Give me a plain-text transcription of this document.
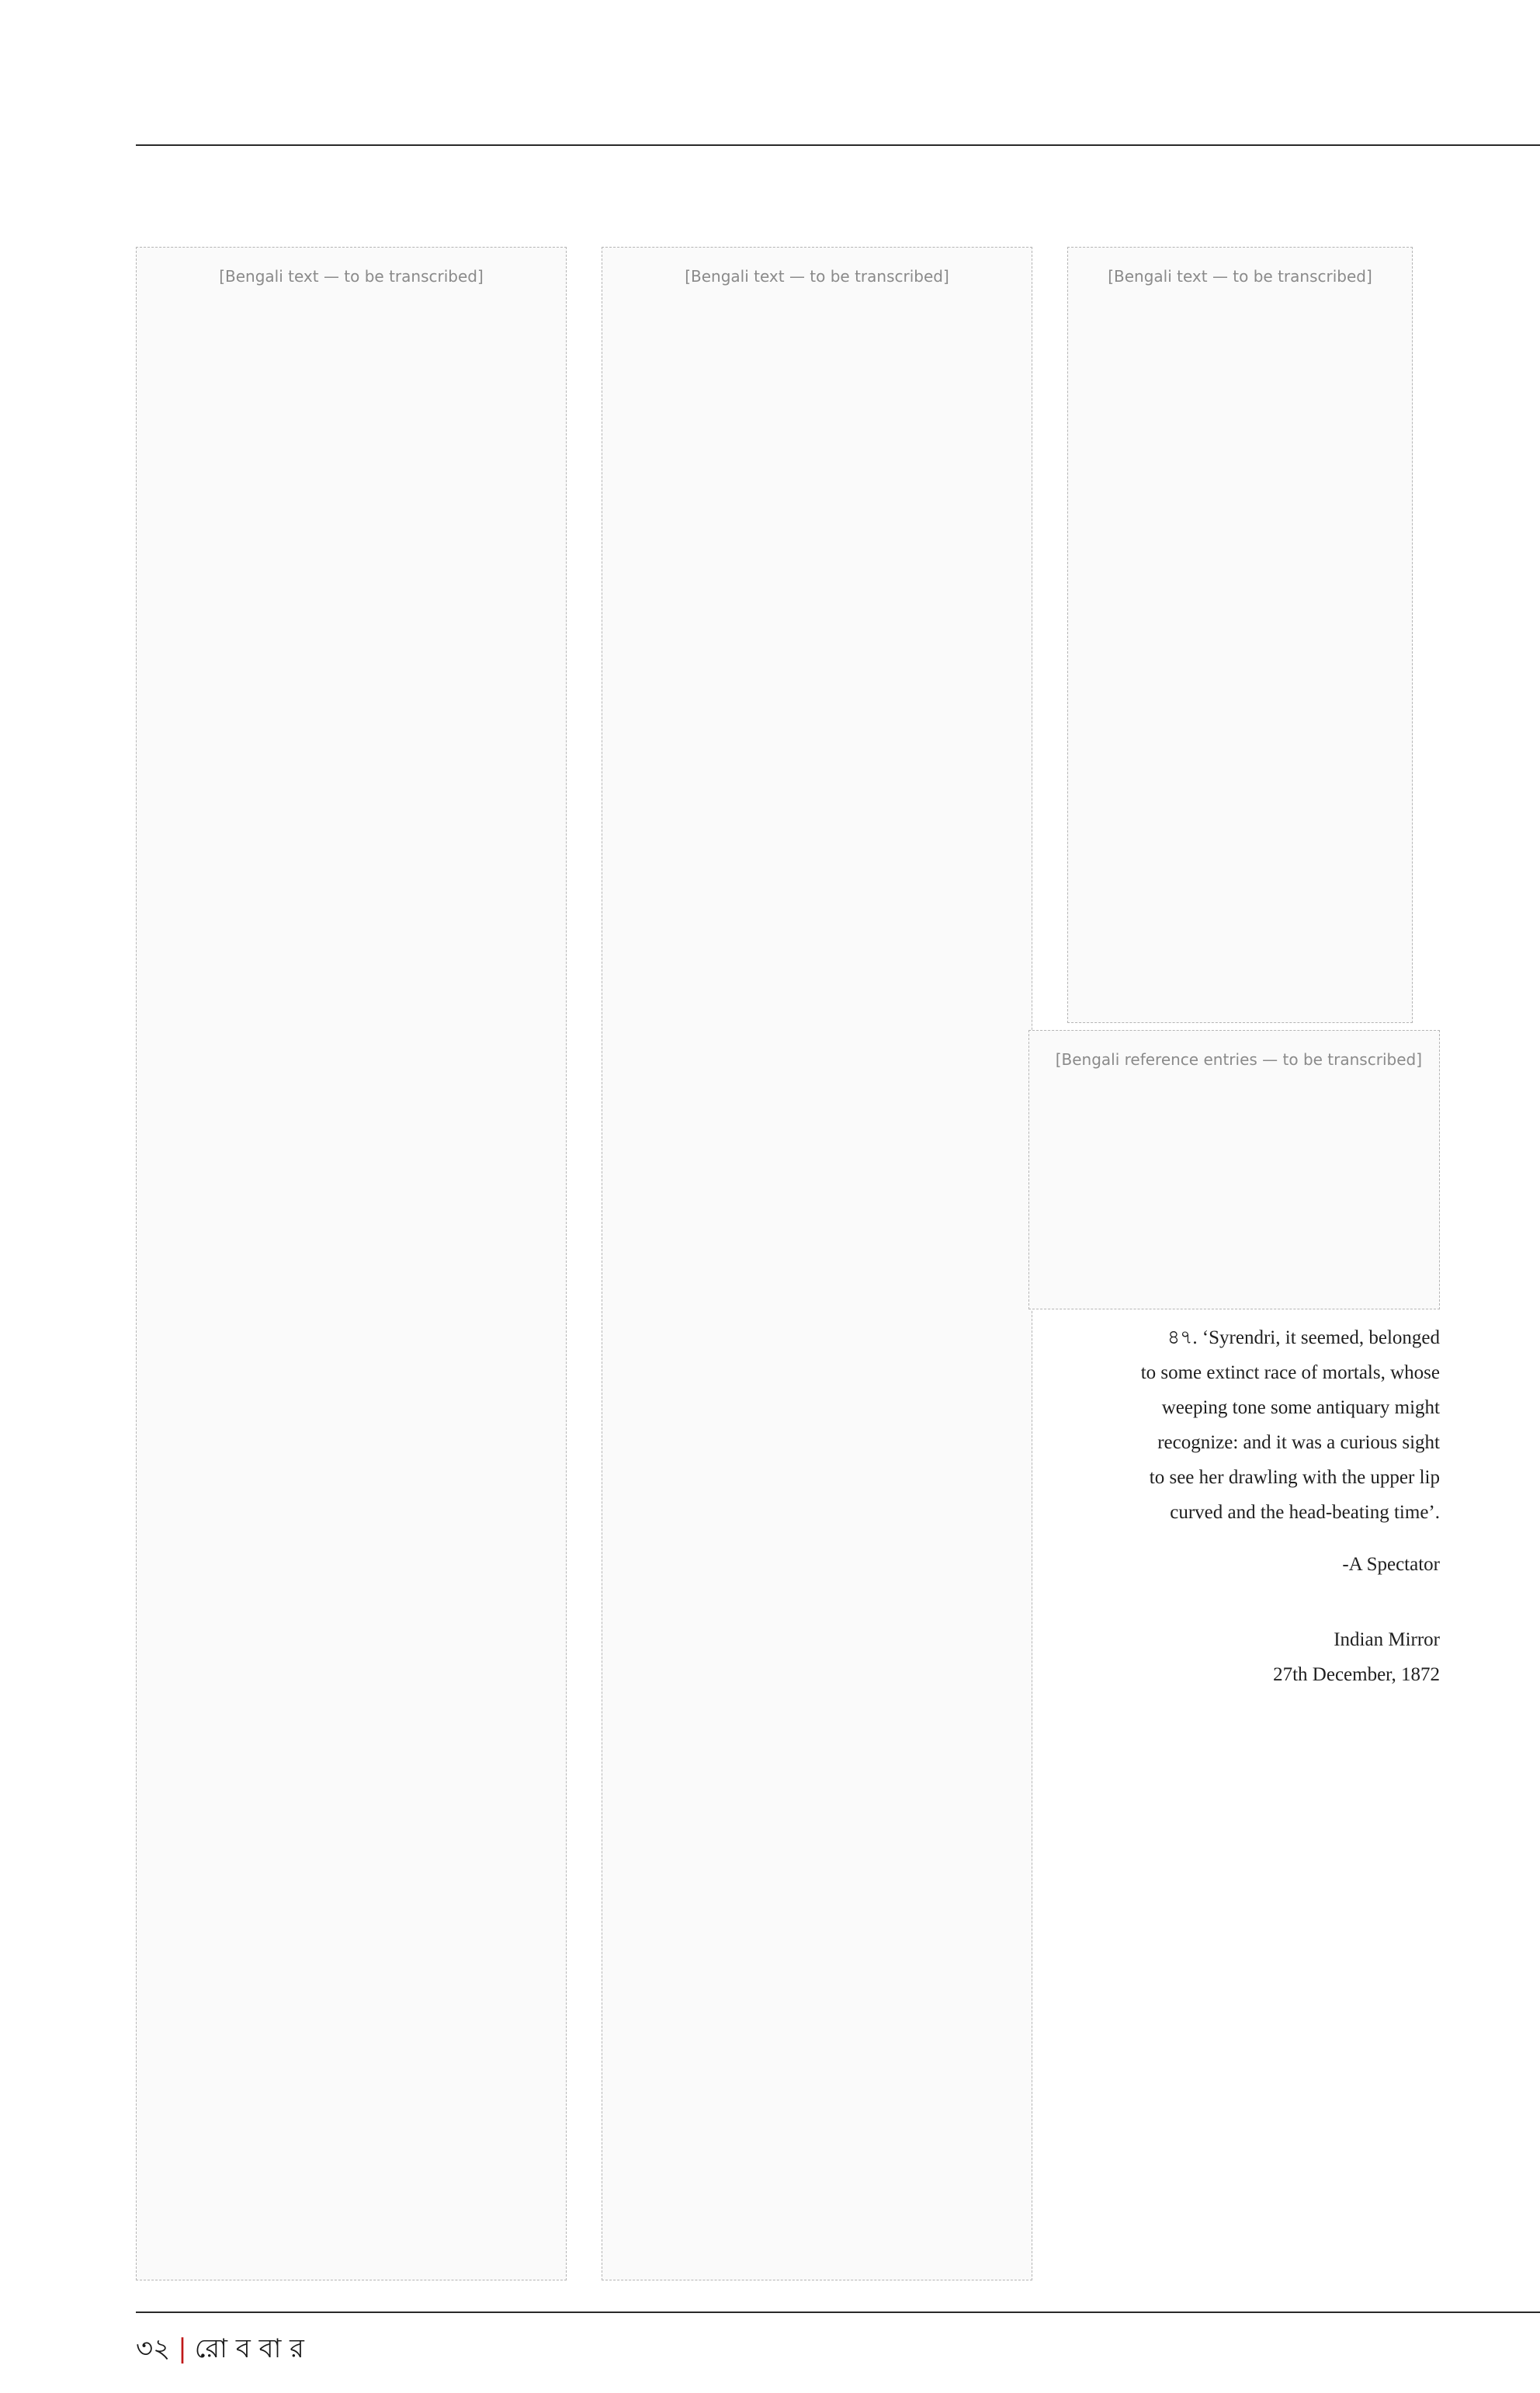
[Bengali text — to be transcribed]	[Bengali text — to be transcribed]	[Bengali text — to be transcribed]
[Bengali reference entries — to be transcribed]
৪৭. ‘Syrendri, it seemed, belonged
to some extinct race of mortals, whose
weeping tone some antiquary might
recognize: and it was a curious sight
to see her drawling with the upper lip
curved and the head-beating time’.
-A Spectator
Indian Mirror
27th December, 1872
৩২ | রো ব বা র
